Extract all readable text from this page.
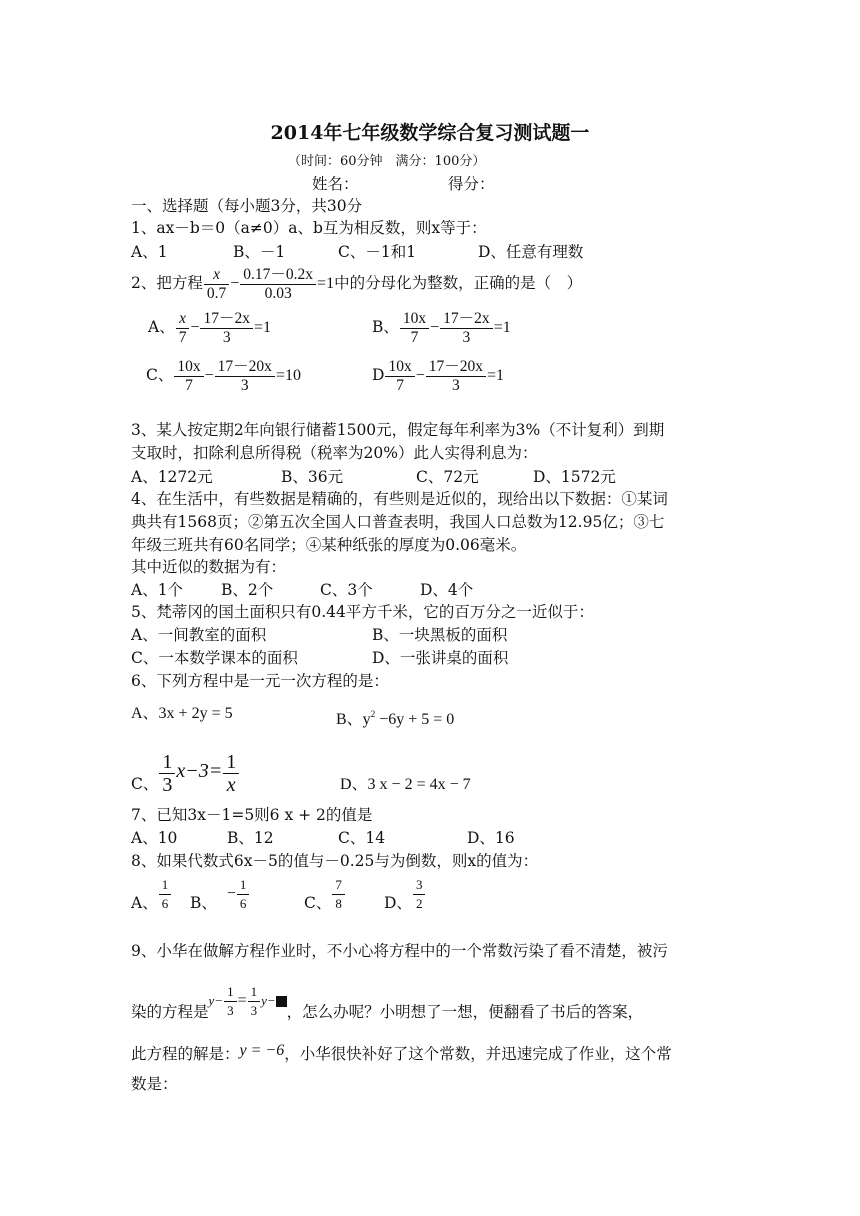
2014年七年级数学综合复习测试题一
（时间：60分钟　满分：100分）
姓名：	得分：
一、选择题（每小题3分，共30分
1、ax－b＝0（a≠0）a、b互为相反数，则x等于：
A、1	B、－1	C、－1和1	D、任意有理数
2、把方程 $\frac{x}{0.7} - \frac{0.17-0.2x}{0.03} =1$中的分母化为整数，正确的是（　）
A、 $\frac{x}{7} - \frac{17-2x}{3} =1$	B、 $\frac{10x}{7} - \frac{17-2x}{3} =1$
C、 $\frac{10x}{7} - \frac{17-20x}{3} =10$	D $\frac{10x}{7} - \frac{17-20x}{3} =1$
3、某人按定期2年向银行储蓄1500元，假定每年利率为3%（不计复利）到期
支取时，扣除利息所得税（税率为20%）此人实得利息为：
A、1272元	B、36元	C、72元	D、1572元
4、在生活中，有些数据是精确的，有些则是近似的，现给出以下数据：①某词
典共有1568页；②第五次全国人口普查表明，我国人口总数为12.95亿；③七
年级三班共有60名同学；④某种纸张的厚度为0.06毫米。
其中近似的数据为有：
A、1个 B、2个	C、3个	D、4个
5、梵蒂冈的国土面积只有0.44平方千米，它的百万分之一近似于：
A、一间教室的面积	B、一块黑板的面积
C、一本数学课本的面积	D、一张讲桌的面积
6、下列方程中是一元一次方程的是：
A、3x + 2y = 5	B、$y^2 -6y + 5 = 0$
C、 $\frac{1}{3} x-3= \frac{1}{x}$	D、3 x − 2 = 4x − 7
7、已知3x－1=5则6 x + 2的值是
A、10	B、12	C、14	D、16
8、如果代数式6x－5的值与－0.25与为倒数，则x的值为：
A、 $\frac{1}{6}$ B、− $\frac{1}{6}$	C、 $\frac{7}{8}$	D、 $\frac{3}{2}$
9、小华在做解方程作业时，不小心将方程中的一个常数污染了看不清楚，被污
染的方程是$y- \frac{1}{3} = \frac{1}{3} y-$，怎么办呢？小明想了一想，便翻看了书后的答案，
此方程的解是：y = −6，小华很快补好了这个常数，并迅速完成了作业，这个常
数是：
